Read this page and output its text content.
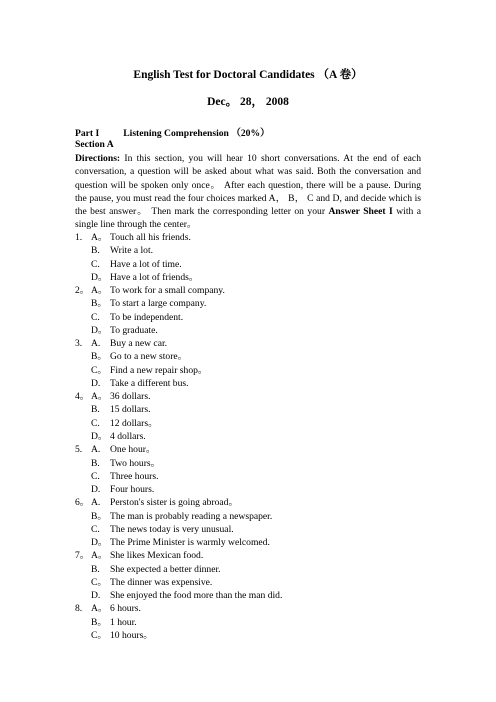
English Test for Doctoral Candidates （A 卷）
Dec。 28， 2008
Part I	Listening Comprehension （20%）
Section A
Directions: In this section, you will hear 10 short conversations. At the end of each conversation, a question will be asked about what was said. Both the conversation and question will be spoken only once。 After each question, there will be a pause. During the pause, you must read the four choices marked A， B， C and D, and decide which is the best answer。 Then mark the corresponding letter on your Answer Sheet I with a single line through the center。
1. A。 Touch all his friends.
B. Write a lot.
C. Have a lot of time.
D。 Have a lot of friends。
2。 A。 To work for a small company.
B。 To start a large company.
C. To be independent.
D。 To graduate.
3. A. Buy a new car.
B。 Go to a new store。
C。 Find a new repair shop。
D. Take a different bus.
4。 A。 36 dollars.
B. 15 dollars.
C. 12 dollars。
D。 4 dollars.
5. A. One hour。
B. Two hours。
C. Three hours.
D. Four hours.
6。 A. Perston's sister is going abroad。
B。 The man is probably reading a newspaper.
C. The news today is very unusual.
D。 The Prime Minister is warmly welcomed.
7。 A。 She likes Mexican food.
B. She expected a better dinner.
C。 The dinner was expensive.
D. She enjoyed the food more than the man did.
8. A。 6 hours.
B。 1 hour.
C。 10 hours。
